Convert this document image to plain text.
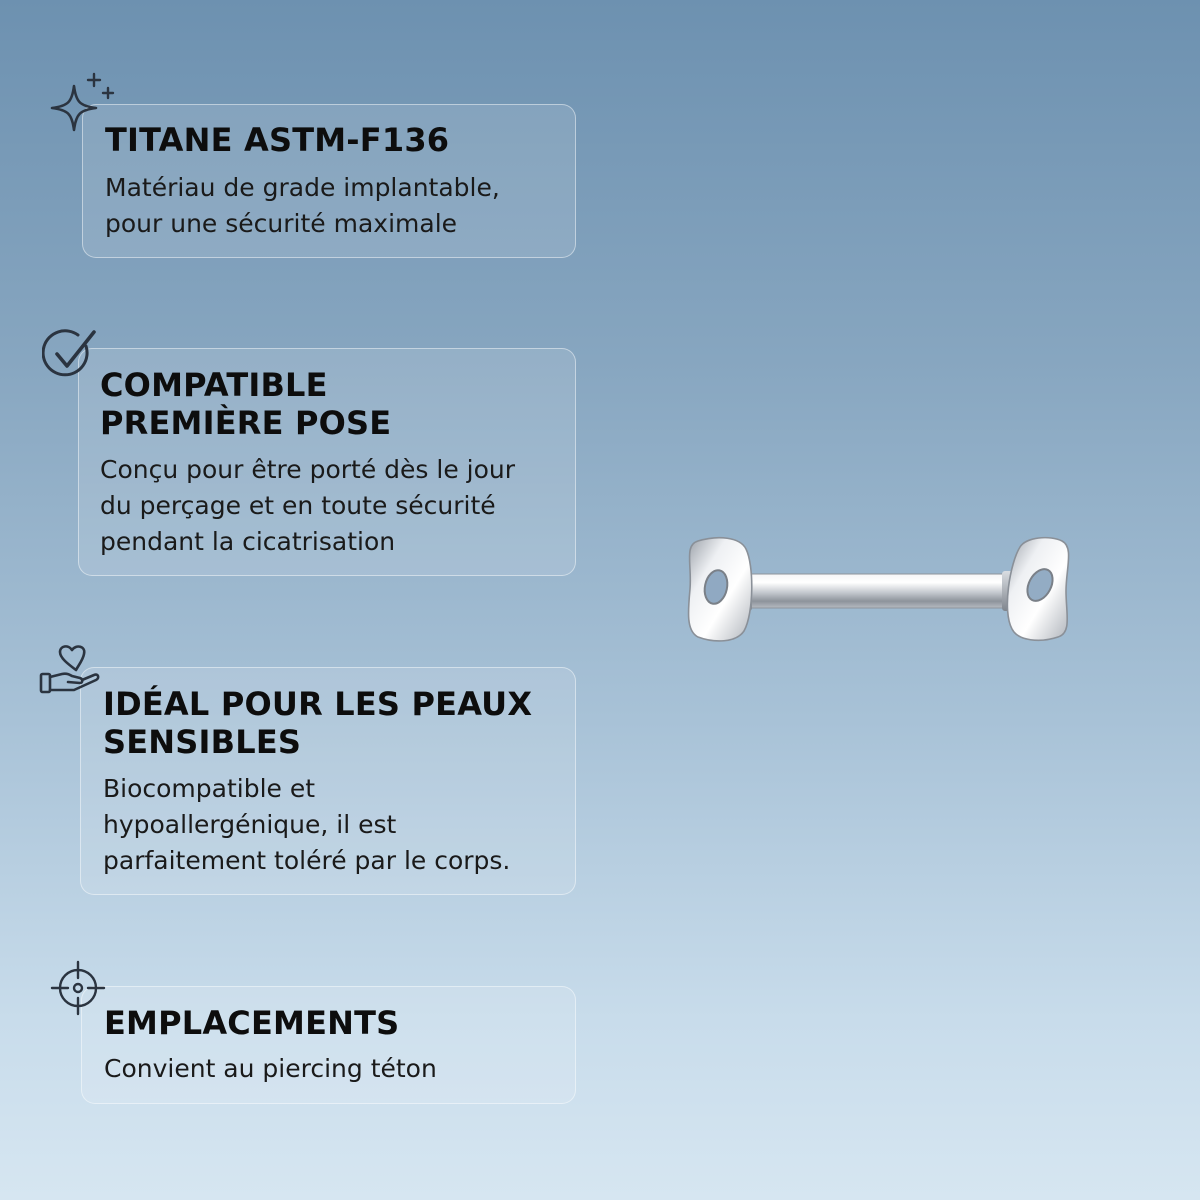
TITANE ASTM-F136
Matériau de grade implantable,
pour une sécurité maximale
COMPATIBLE
PREMIÈRE POSE
Conçu pour être porté dès le jour
du perçage et en toute sécurité
pendant la cicatrisation
IDÉAL POUR LES PEAUX
SENSIBLES
Biocompatible et
hypoallergénique, il est
parfaitement toléré par le corps.
EMPLACEMENTS
Convient au piercing téton
